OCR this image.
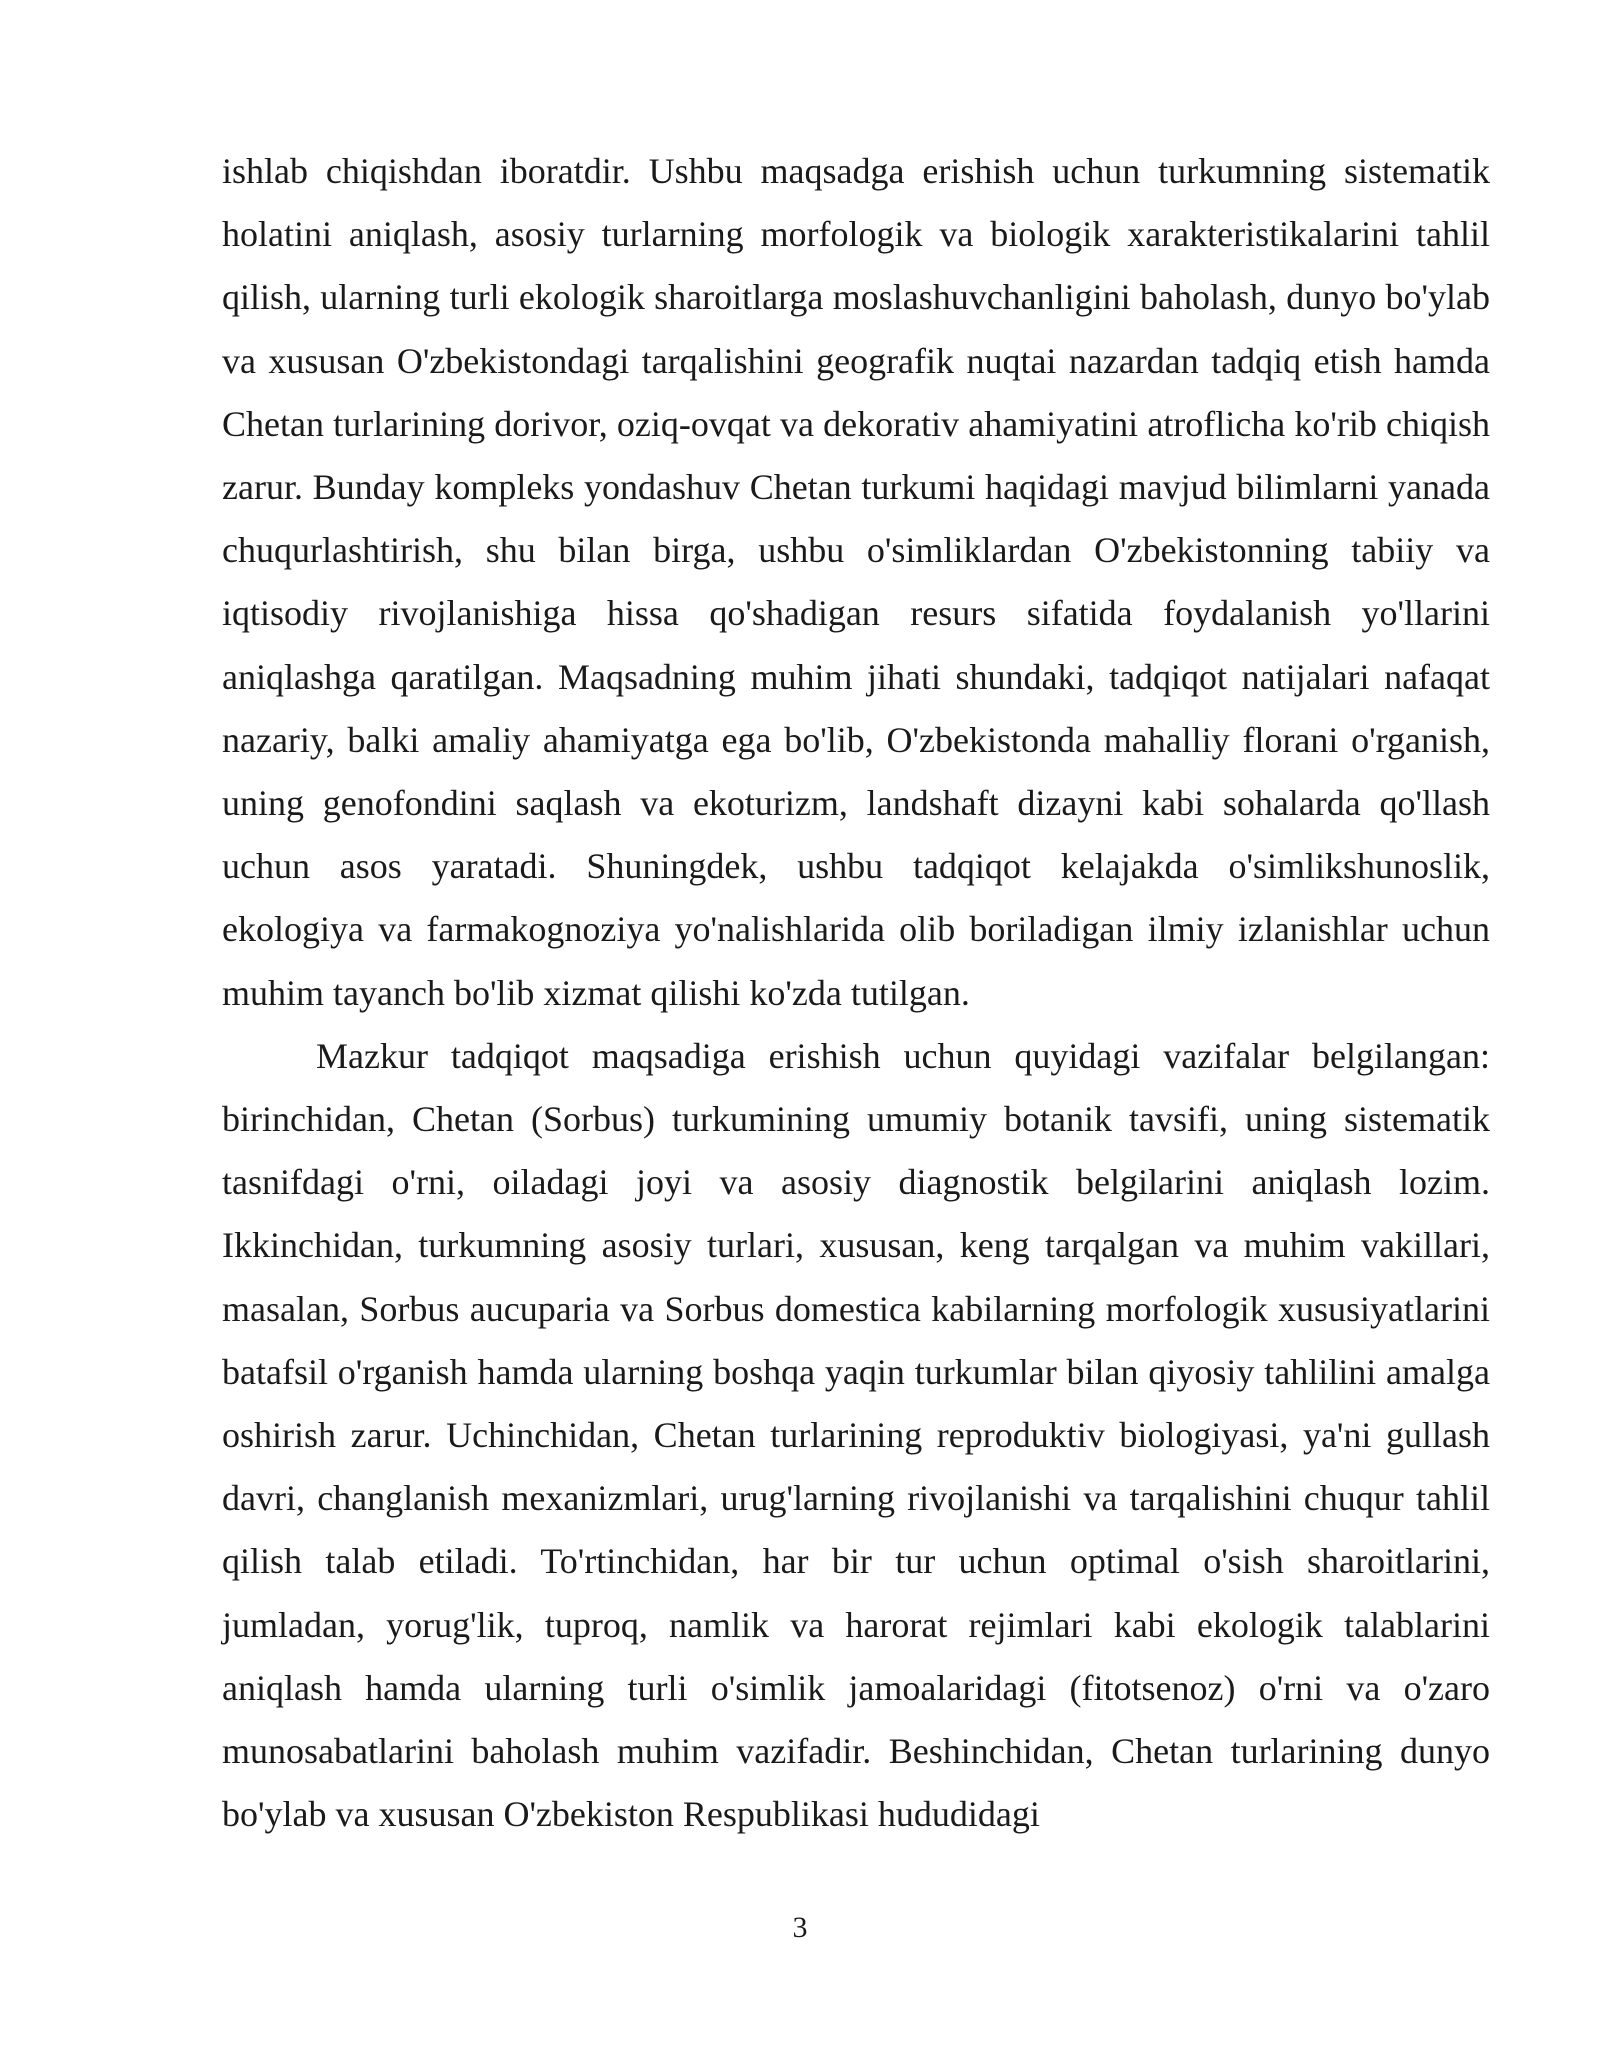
ishlab chiqishdan iboratdir. Ushbu maqsadga erishish uchun turkumning sistematik holatini aniqlash, asosiy turlarning morfologik va biologik xarakteristikalarini tahlil qilish, ularning turli ekologik sharoitlarga moslashuvchanligini baholash, dunyo bo'ylab va xususan O'zbekistondagi tarqalishini geografik nuqtai nazardan tadqiq etish hamda Chetan turlarining dorivor, oziq-ovqat va dekorativ ahamiyatini atroflicha ko'rib chiqish zarur. Bunday kompleks yondashuv Chetan turkumi haqidagi mavjud bilimlarni yanada chuqurlashtirish, shu bilan birga, ushbu o'simliklardan O'zbekistonning tabiiy va iqtisodiy rivojlanishiga hissa qo'shadigan resurs sifatida foydalanish yo'llarini aniqlashga qaratilgan. Maqsadning muhim jihati shundaki, tadqiqot natijalari nafaqat nazariy, balki amaliy ahamiyatga ega bo'lib, O'zbekistonda mahalliy florani o'rganish, uning genofondini saqlash va ekoturizm, landshaft dizayni kabi sohalarda qo'llash uchun asos yaratadi. Shuningdek, ushbu tadqiqot kelajakda o'simlikshunoslik, ekologiya va farmakognoziya yo'nalishlarida olib boriladigan ilmiy izlanishlar uchun muhim tayanch bo'lib xizmat qilishi ko'zda tutilgan.

Mazkur tadqiqot maqsadiga erishish uchun quyidagi vazifalar belgilangan: birinchidan, Chetan (Sorbus) turkumining umumiy botanik tavsifi, uning sistematik tasnifdagi o'rni, oiladagi joyi va asosiy diagnostik belgilarini aniqlash lozim. Ikkinchidan, turkumning asosiy turlari, xususan, keng tarqalgan va muhim vakillari, masalan, Sorbus aucuparia va Sorbus domestica kabilarning morfologik xususiyatlarini batafsil o'rganish hamda ularning boshqa yaqin turkumlar bilan qiyosiy tahlilini amalga oshirish zarur. Uchinchidan, Chetan turlarining reproduktiv biologiyasi, ya'ni gullash davri, changlanish mexanizmlari, urug'larning rivojlanishi va tarqalishini chuqur tahlil qilish talab etiladi. To'rtinchidan, har bir tur uchun optimal o'sish sharoitlarini, jumladan, yorug'lik, tuproq, namlik va harorat rejimlari kabi ekologik talablarini aniqlash hamda ularning turli o'simlik jamoalaridagi (fitotsenoz) o'rni va o'zaro munosabatlarini baholash muhim vazifadir. Beshinchidan, Chetan turlarining dunyo bo'ylab va xususan O'zbekiston Respublikasi hududidagi

3
